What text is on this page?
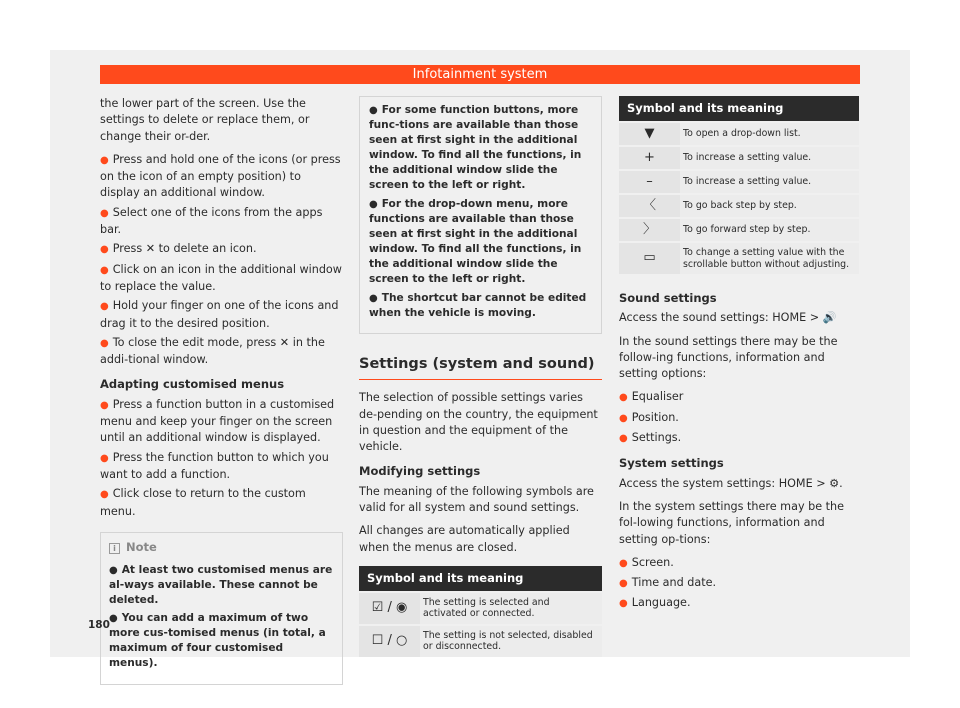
Infotainment system

the lower part of the screen. Use the settings to delete or replace them, or change their or-der.

● Press and hold one of the icons (or press on the icon of an empty position) to display an additional window.
● Select one of the icons from the apps bar.
● Press ✕ to delete an icon.
● Click on an icon in the additional window to replace the value.
● Hold your finger on one of the icons and drag it to the desired position.
● To close the edit mode, press ✕ in the addi-tional window.
Adapting customised menus
● Press a function button in a customised menu and keep your finger on the screen until an additional window is displayed.
● Press the function button to which you want to add a function.
● Click close to return to the custom menu.
i Note
● At least two customised menus are al-ways available. These cannot be deleted.
● You can add a maximum of two more cus-tomised menus (in total, a maximum of four customised menus).
● For some function buttons, more func-tions are available than those seen at first sight in the additional window. To find all the functions, in the additional window slide the screen to the left or right.
● For the drop-down menu, more functions are available than those seen at first sight in the additional window. To find all the functions, in the additional window slide the screen to the left or right.
● The shortcut bar cannot be edited when the vehicle is moving.
Settings (system and sound)

The selection of possible settings varies de-pending on the country, the equipment in question and the equipment of the vehicle.

Modifying settings

The meaning of the following symbols are valid for all system and sound settings.

All changes are automatically applied when the menus are closed.

Symbol and its meaning
☑ / ◉	The setting is selected and activated or connected.
☐ / ○	The setting is not selected, disabled or disconnected.
Symbol and its meaning
▼	To open a drop-down list.
+	To increase a setting value.
–	To increase a setting value.
〈	To go back step by step.
〉	To go forward step by step.
▭	To change a setting value with the scrollable button without adjusting.
Sound settings

Access the sound settings: HOME > 🔊

In the sound settings there may be the follow-ing functions, information and setting options:

● Equaliser
● Position.
● Settings.
System settings

Access the system settings: HOME > ⚙.

In the system settings there may be the fol-lowing functions, information and setting op-tions:

● Screen.
● Time and date.
● Language.
180
